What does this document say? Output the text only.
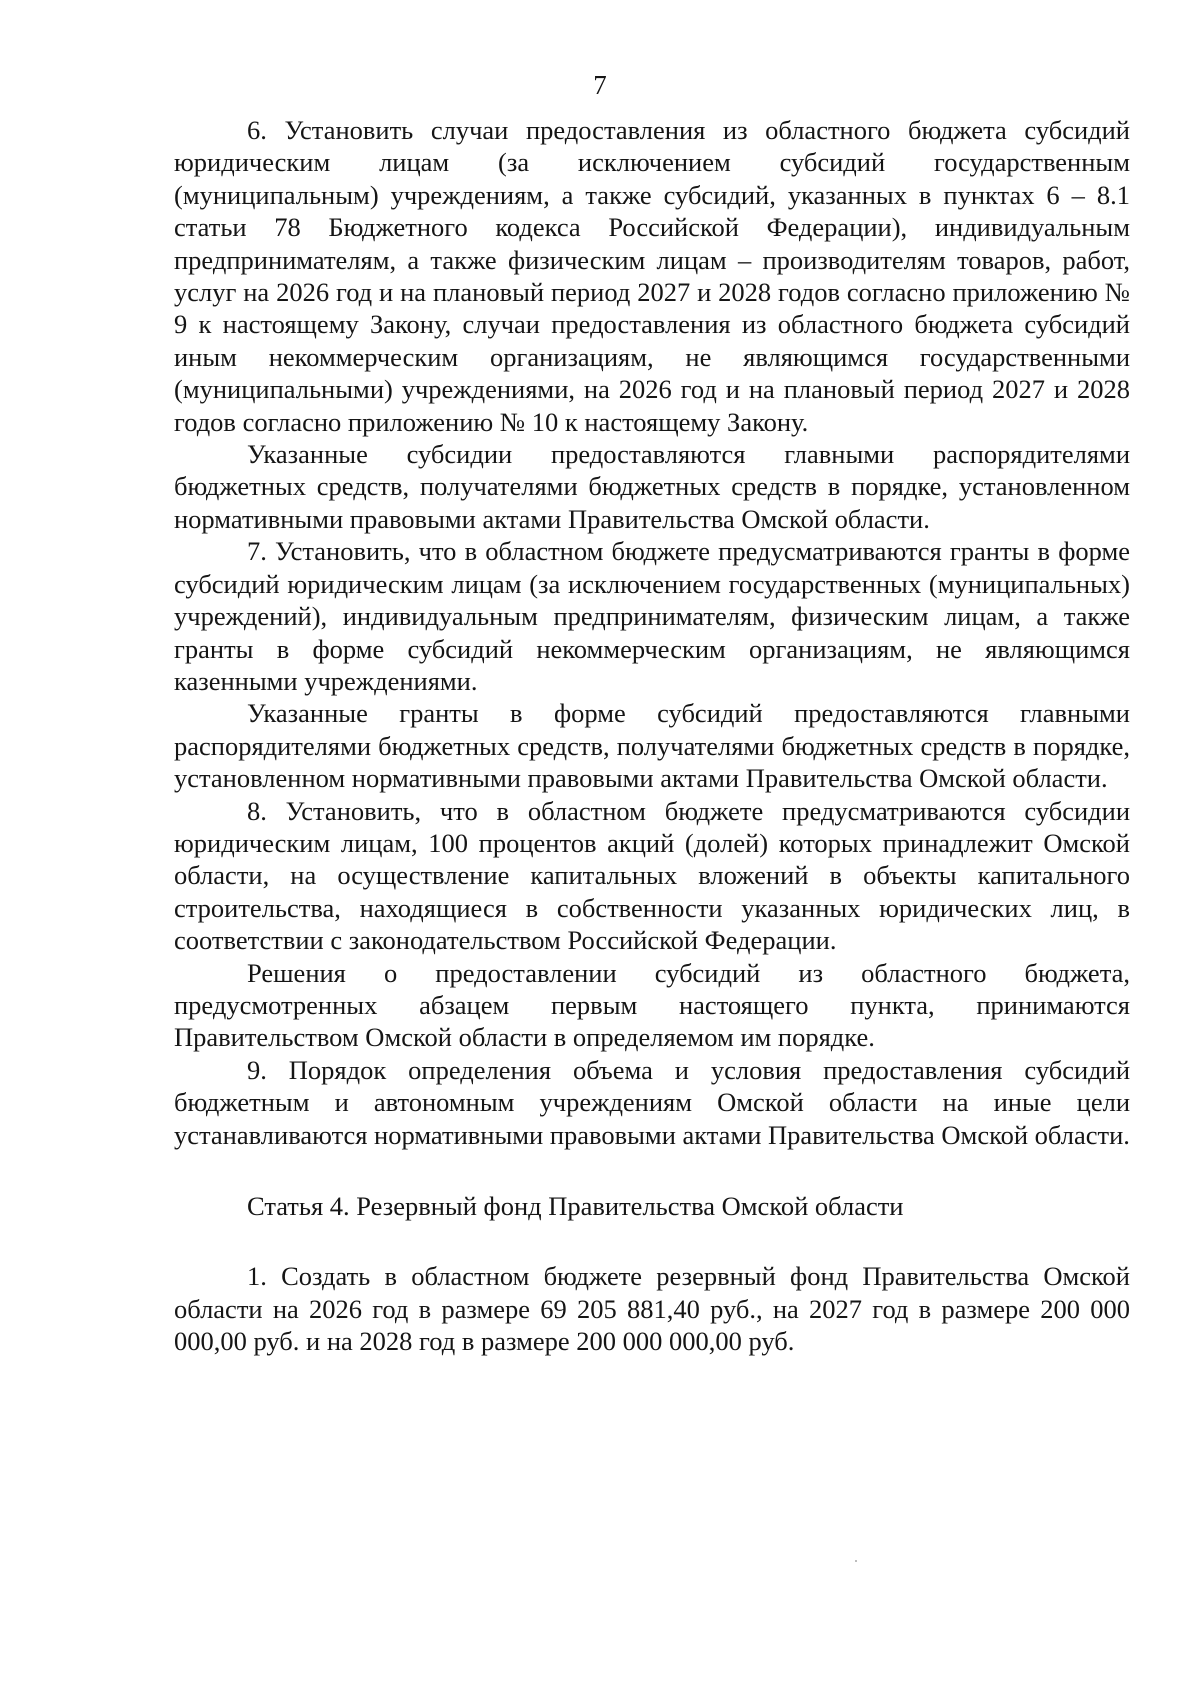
7

6. Установить случаи предоставления из областного бюджета субсидий юридическим лицам (за исключением субсидий государственным (муниципальным) учреждениям, а также субсидий, указанных в пунктах 6 – 8.1 статьи 78 Бюджетного кодекса Российской Федерации), индивидуальным предпринимателям, а также физическим лицам – производителям товаров, работ, услуг на 2026 год и на плановый период 2027 и 2028 годов согласно приложению № 9 к настоящему Закону, случаи предоставления из областного бюджета субсидий иным некоммерческим организациям, не являющимся государственными (муниципальными) учреждениями, на 2026 год и на плановый период 2027 и 2028 годов согласно приложению № 10 к настоящему Закону.

Указанные субсидии предоставляются главными распорядителями бюджетных средств, получателями бюджетных средств в порядке, установленном нормативными правовыми актами Правительства Омской области.

7. Установить, что в областном бюджете предусматриваются гранты в форме субсидий юридическим лицам (за исключением государственных (муниципальных) учреждений), индивидуальным предпринимателям, физическим лицам, а также гранты в форме субсидий некоммерческим организациям, не являющимся казенными учреждениями.

Указанные гранты в форме субсидий предоставляются главными распорядителями бюджетных средств, получателями бюджетных средств в порядке, установленном нормативными правовыми актами Правительства Омской области.

8. Установить, что в областном бюджете предусматриваются субсидии юридическим лицам, 100 процентов акций (долей) которых принадлежит Омской области, на осуществление капитальных вложений в объекты капитального строительства, находящиеся в собственности указанных юридических лиц, в соответствии с законодательством Российской Федерации.

Решения о предоставлении субсидий из областного бюджета, предусмотренных абзацем первым настоящего пункта, принимаются Правительством Омской области в определяемом им порядке.

9. Порядок определения объема и условия предоставления субсидий бюджетным и автономным учреждениям Омской области на иные цели устанавливаются нормативными правовыми актами Правительства Омской области.

Статья 4. Резервный фонд Правительства Омской области

1. Создать в областном бюджете резервный фонд Правительства Омской области на 2026 год в размере 69 205 881,40 руб., на 2027 год в размере 200 000 000,00 руб. и на 2028 год в размере 200 000 000,00 руб.
